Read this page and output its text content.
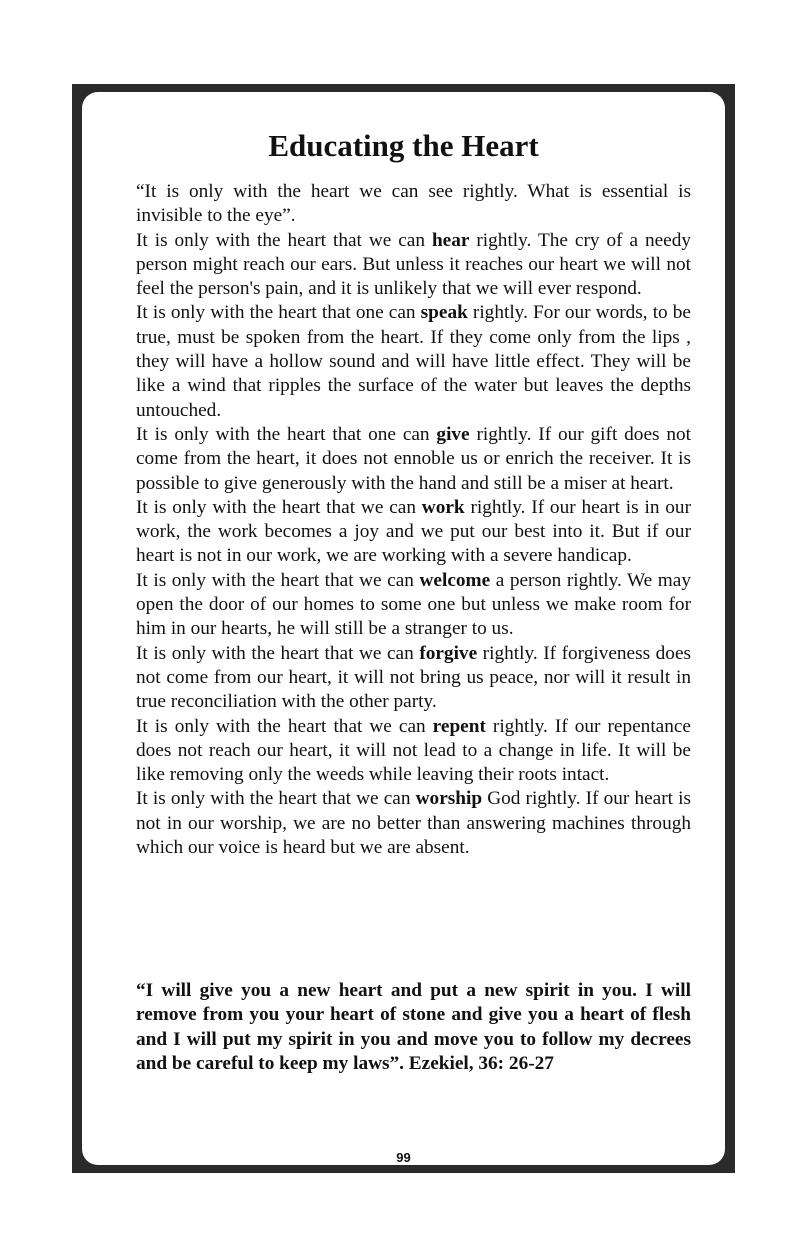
Educating the Heart

“It is only with the heart we can see rightly. What is essential is invisible to the eye”.

It is only with the heart that we can hear rightly. The cry of a needy person might reach our ears. But unless it reaches our heart we will not feel the person's pain, and it is unlikely that we will ever respond.

It is only with the heart that one can speak rightly. For our words, to be true, must be spoken from the heart. If they come only from the lips , they will have a hollow sound and will have little effect. They will be like a wind that ripples the surface of the water but leaves the depths untouched.

It is only with the heart that one can give rightly. If our gift does not come from the heart, it does not ennoble us or enrich the receiver. It is possible to give generously with the hand and still be a miser at heart.

It is only with the heart that we can work rightly. If our heart is in our work, the work becomes a joy and we put our best into it. But if our heart is not in our work, we are working with a severe handicap.

It is only with the heart that we can welcome a person rightly. We may open the door of our homes to some one but unless we make room for him in our hearts, he will still be a stranger to us.

It is only with the heart that we can forgive rightly. If forgiveness does not come from our heart, it will not bring us peace, nor will it result in true reconciliation with the other party.

It is only with the heart that we can repent rightly. If our repentance does not reach our heart, it will not lead to a change in life. It will be like removing only the weeds while leaving their roots intact.

It is only with the heart that we can worship God rightly. If our heart is not in our worship, we are no better than answering machines through which our voice is heard but we are absent.

“I will give you a new heart and put a new spirit in you. I will remove from you your heart of stone and give you a heart of flesh and I will put my spirit in you and move you to follow my decrees and be careful to keep my laws”. Ezekiel, 36: 26-27

99
